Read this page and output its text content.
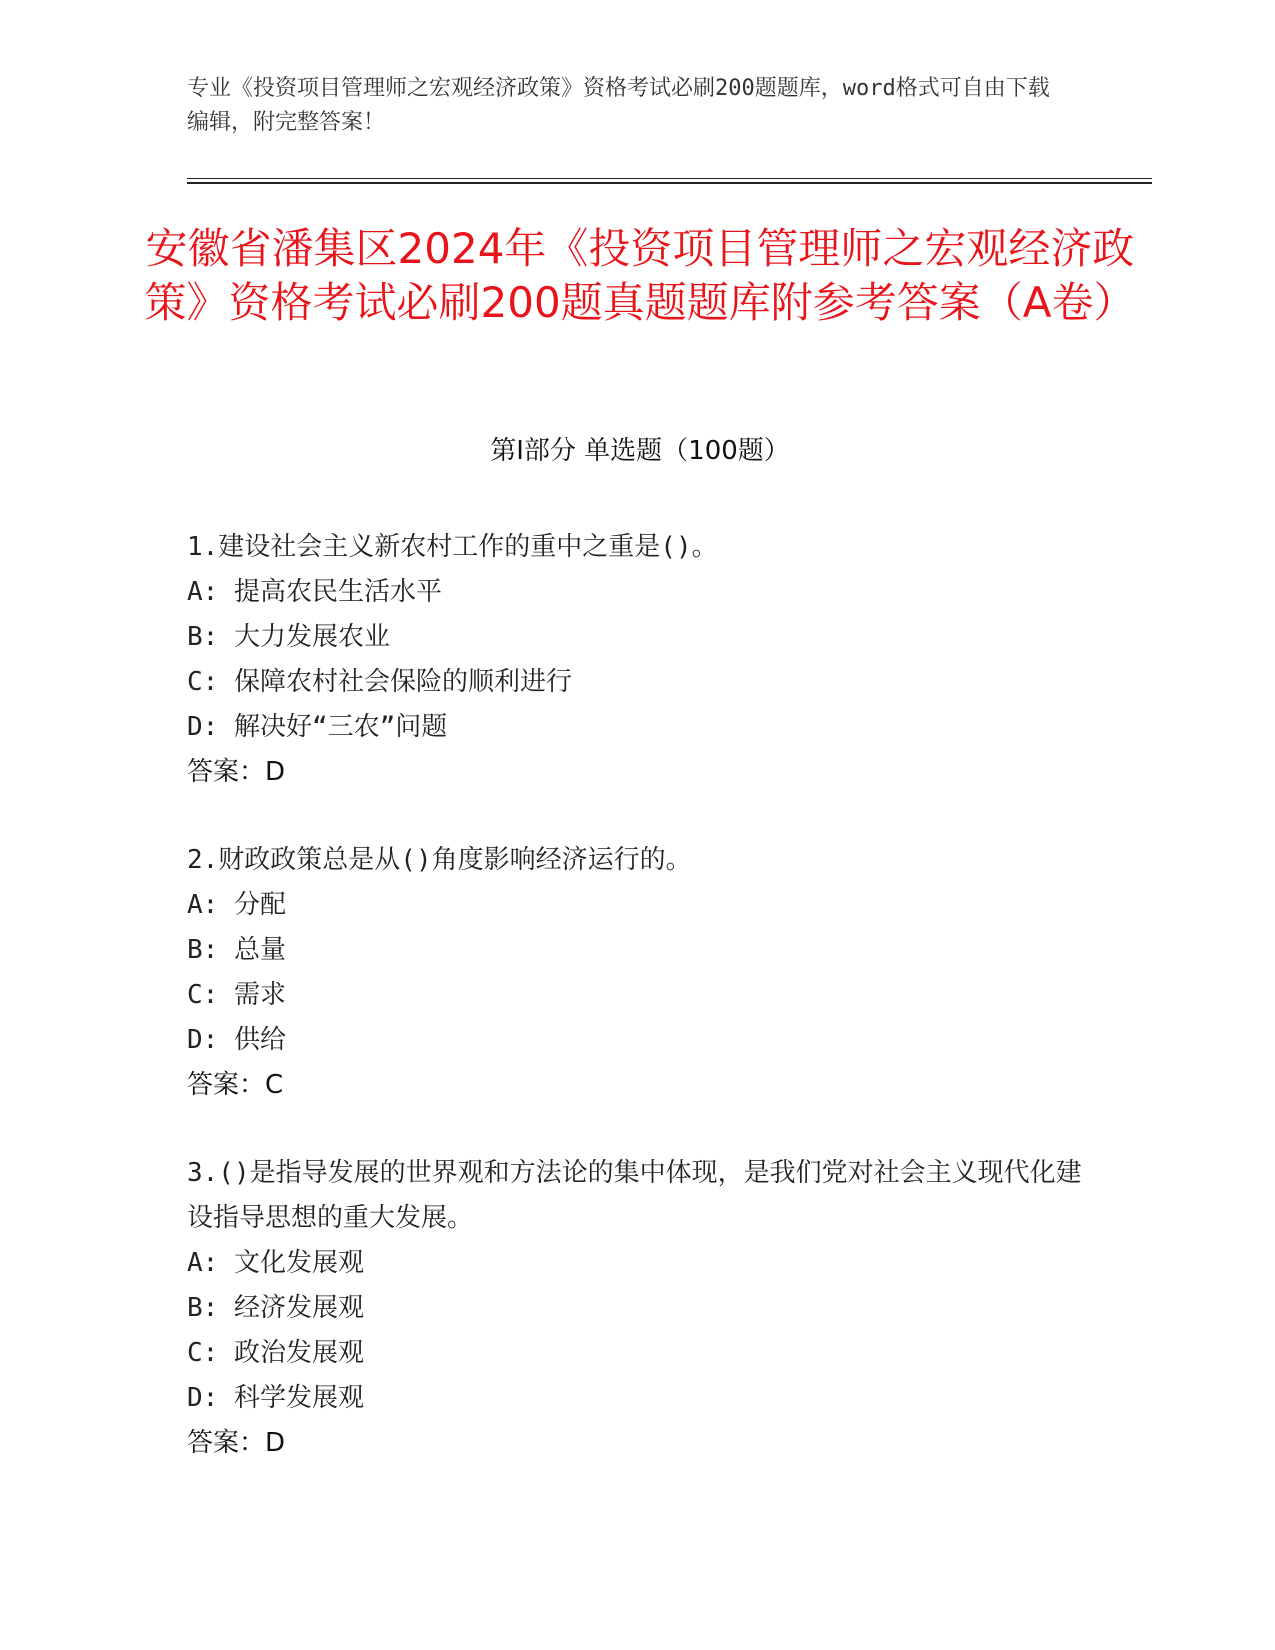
专业《投资项目管理师之宏观经济政策》资格考试必刷200题题库，word格式可自由下载编辑，附完整答案！
安徽省潘集区2024年《投资项目管理师之宏观经济政策》资格考试必刷200题真题题库附参考答案（A卷）
第Ⅰ部分 单选题（100题）
1.建设社会主义新农村工作的重中之重是()。
A: 提高农民生活水平
B: 大力发展农业
C: 保障农村社会保险的顺利进行
D: 解决好“三农”问题
答案：D
2.财政政策总是从()角度影响经济运行的。
A: 分配
B: 总量
C: 需求
D: 供给
答案：C
3.()是指导发展的世界观和方法论的集中体现，是我们党对社会主义现代化建设指导思想的重大发展。
A: 文化发展观
B: 经济发展观
C: 政治发展观
D: 科学发展观
答案：D
